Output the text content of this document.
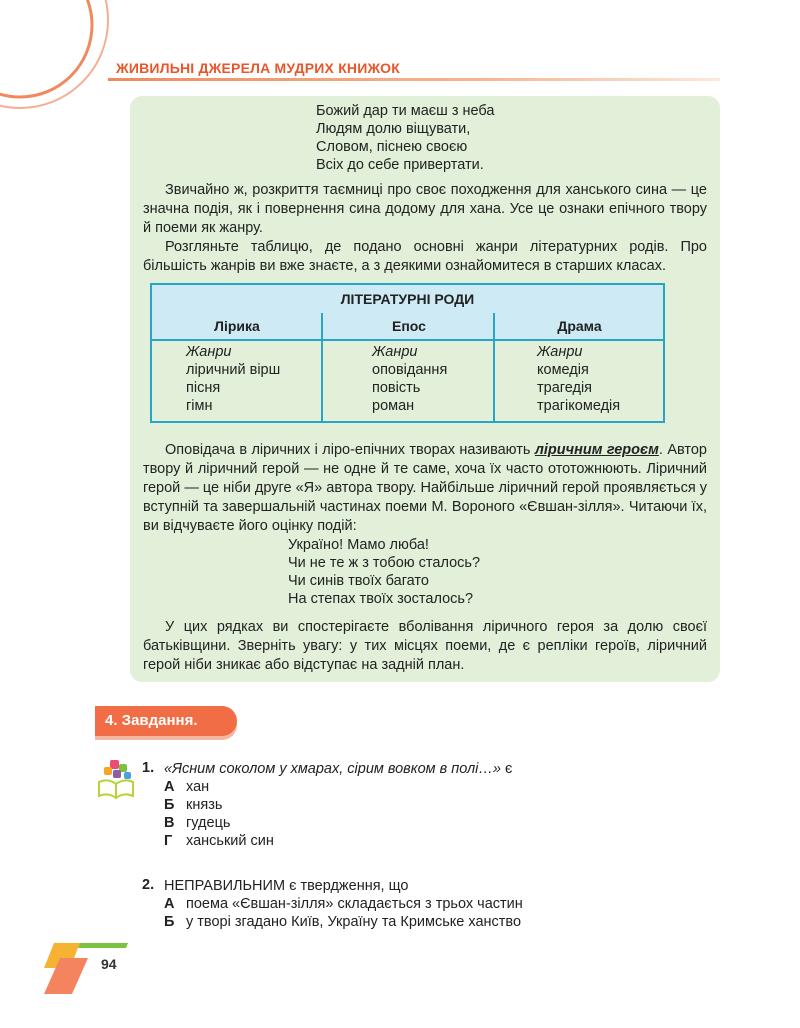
ЖИВИЛЬНІ ДЖЕРЕЛА МУДРИХ КНИЖОК
Божий дар ти маєш з неба
Людям долю віщувати,
Словом, піснею своєю
Всіх до себе привертати.
Звичайно ж, розкриття таємниці про своє походження для ханського сина — це значна подія, як і повернення сина додому для хана. Усе це ознаки епічного твору й поеми як жанру.
Розгляньте таблицю, де подано основні жанри літературних родів. Про більшість жанрів ви вже знаєте, а з деякими ознайомитеся в старших класах.
ЛІТЕРАТУРНІ РОДИ
Лірика	Епос	Драма
Жанри
ліричний вірш
пісня
гімн
Жанри
оповідання
повість
роман
Жанри
комедія
трагедія
трагікомедія
Оповідача в ліричних і ліро-епічних творах називають ліричним героєм. Автор твору й ліричний герой — не одне й те саме, хоча їх часто ототожнюють. Ліричний герой — це ніби друге «Я» автора твору. Найбільше ліричний герой проявляється у вступній та завершальній частинах поеми М. Вороного «Євшан-зілля». Читаючи їх, ви відчуваєте його оцінку подій:
Україно! Мамо люба!
Чи не те ж з тобою сталось?
Чи синів твоїх багато
На степах твоїх зосталось?
У цих рядках ви спостерігаєте вболівання ліричного героя за долю своєї батьківщини. Зверніть увагу: у тих місцях поеми, де є репліки героїв, ліричний герой ніби зникає або відступає на задній план.
4. Завдання.
1. «Ясним соколом у хмарах, сірим вовком в полі…» є
А хан
Б князь
В гудець
Г ханський син
2. НЕПРАВИЛЬНИМ є твердження, що
А поема «Євшан-зілля» складається з трьох частин
Б у творі згадано Київ, Україну та Кримське ханство
94
